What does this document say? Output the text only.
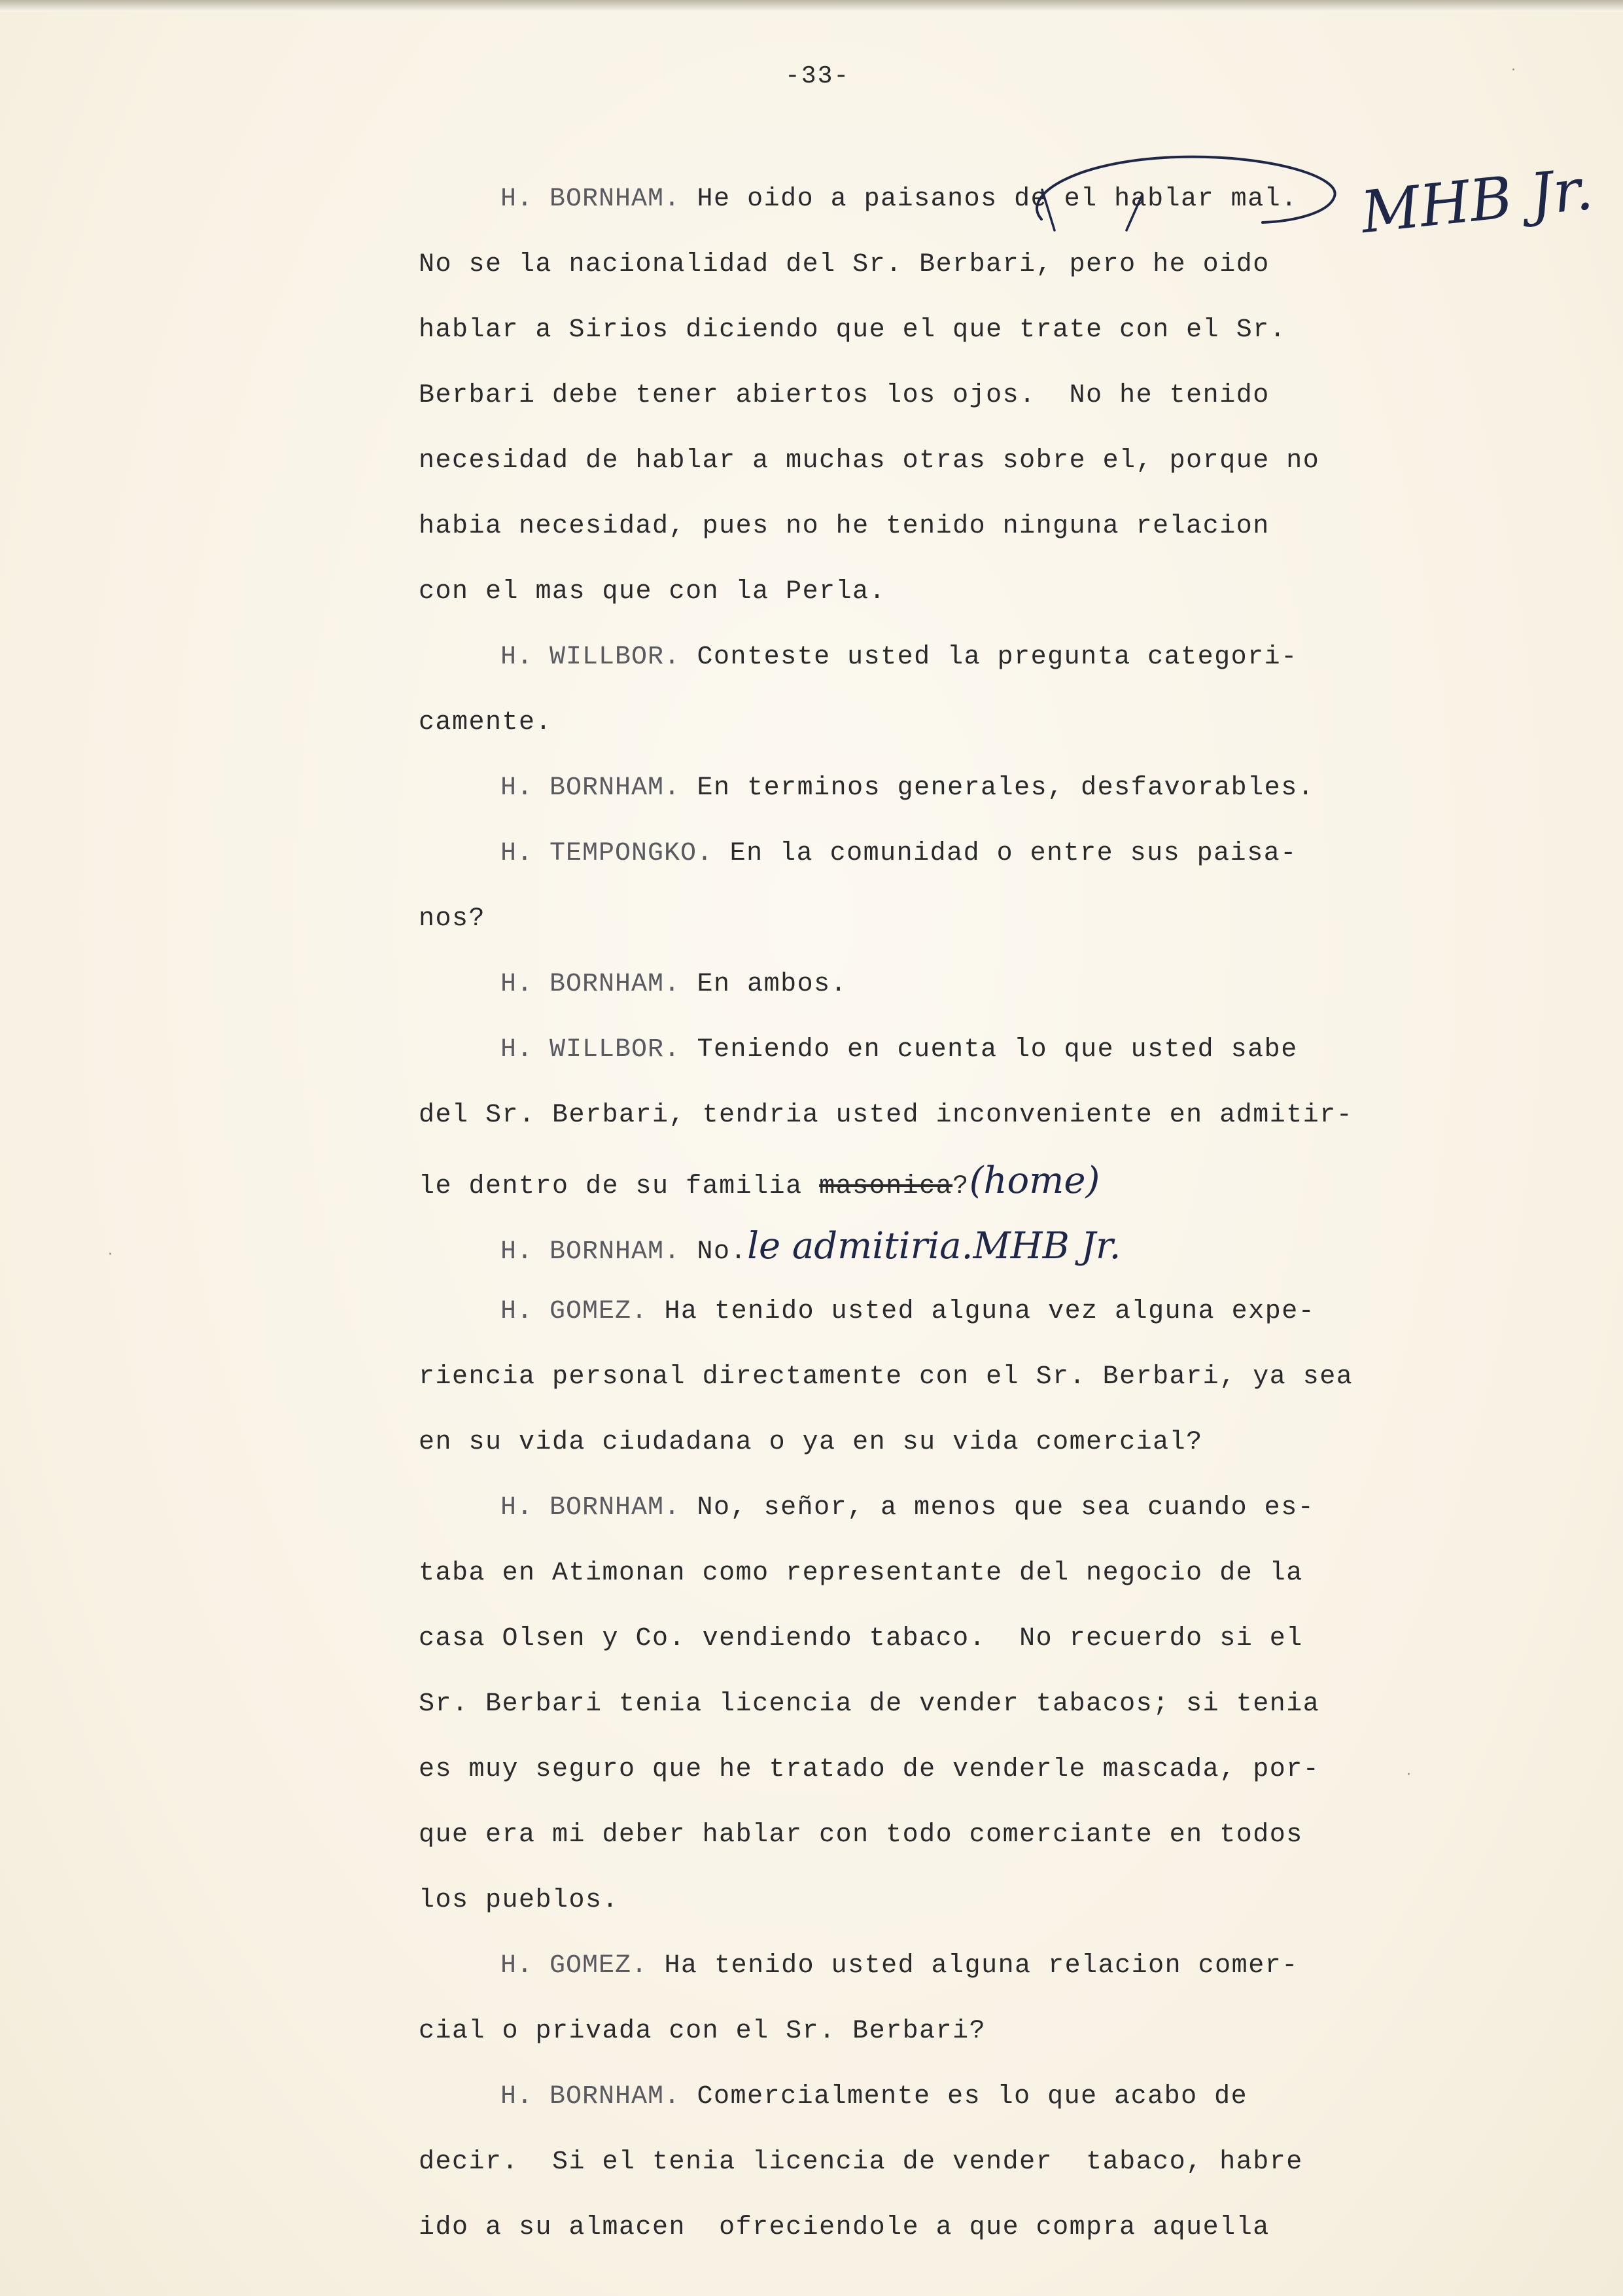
-33-
MHB Jr.
H. BORNHAM. He oido a paisanos de el hablar mal.
No se la nacionalidad del Sr. Berbari, pero he oido
hablar a Sirios diciendo que el que trate con el Sr.
Berbari debe tener abiertos los ojos.  No he tenido
necesidad de hablar a muchas otras sobre el, porque no
habia necesidad, pues no he tenido ninguna relacion
con el mas que con la Perla.
H. WILLBOR. Conteste usted la pregunta categori-
camente.
H. BORNHAM. En terminos generales, desfavorables.
H. TEMPONGKO. En la comunidad o entre sus paisa-
nos?
H. BORNHAM. En ambos.
H. WILLBOR. Teniendo en cuenta lo que usted sabe
del Sr. Berbari, tendria usted inconveniente en admitir-
le dentro de su familia masonica?(home)
H. BORNHAM. No.le admitiria.MHB Jr.
H. GOMEZ. Ha tenido usted alguna vez alguna expe-
riencia personal directamente con el Sr. Berbari, ya sea
en su vida ciudadana o ya en su vida comercial?
H. BORNHAM. No, señor, a menos que sea cuando es-
taba en Atimonan como representante del negocio de la
casa Olsen y Co. vendiendo tabaco.  No recuerdo si el
Sr. Berbari tenia licencia de vender tabacos; si tenia
es muy seguro que he tratado de venderle mascada, por-
que era mi deber hablar con todo comerciante en todos
los pueblos.
H. GOMEZ. Ha tenido usted alguna relacion comer-
cial o privada con el Sr. Berbari?
H. BORNHAM. Comercialmente es lo que acabo de
decir.  Si el tenia licencia de vender  tabaco, habre
ido a su almacen  ofreciendole a que compra aquella
·
·
·
